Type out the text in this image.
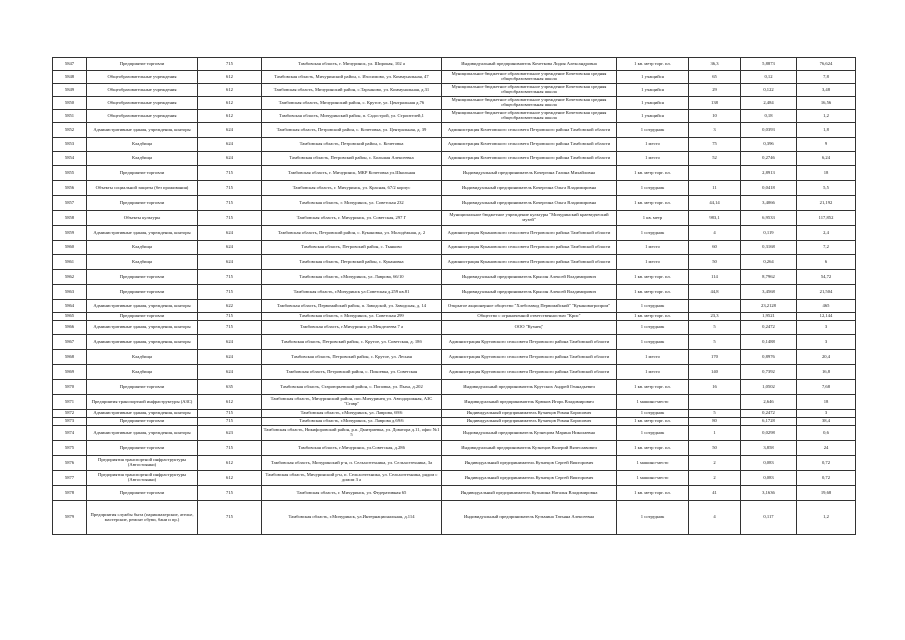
5847	Предприятие торговли	715	Тамбовская область, г. Мичуринск, ул. Широкая, 102 а	Индивидуальный предприниматель Кочеткова Лидия Александровна	1 кв. метр торг. пл.	36,3	5,8873	76,624
5848	Общеобразовательные учреждения	612	Тамбовская область, Мичуринский район, с. Изосимово, ул. Коммунальная, 47	Муниципальное бюджетное образовательное учреждение Кочетовская средняя общеобразовательная школа	1 учащийся	65	0,12	7,8
5849	Общеобразовательные учреждения	612	Тамбовская область, Мичуринский район, с.Тарханово, ул. Коммунальная, д.31	Муниципальное бюджетное образовательное учреждение Кочетовская средняя общеобразовательная школа	1 учащийся	29	0,122	3,48
5850	Общеобразовательные учреждения	612	Тамбовская область, Мичуринский район, с. Крутое, ул. Центральная д.76	Муниципальное бюджетное образовательное учреждение Кочетовская средняя общеобразовательная школа	1 учащийся	138	2,484	16,56
5851	Общеобразовательные учреждения	612	Тамбовская область, Мичуринский район, п. Садострой, ул. Строителей,1	Муниципальное бюджетное образовательное учреждение Кочетовская средняя общеобразовательная школа	1 учащийся	10	0,18	1,2
5852	Административные здания, учреждения, конторы	624	Тамбовская область, Петровский район, с. Кочетовка, ул. Центральная, д. 39	Администрация Кочетовского сельсовета Петровского района Тамбовской области	1 сотрудник	3	0,0393	1,8
5853	Кладбища	624	Тамбовская область, Петровский район, с. Кочетовка	Администрация Кочетовского сельсовета Петровского района Тамбовской области	1 место	75	0,396	9
5854	Кладбища	624	Тамбовская область, Петровский район, с. Большая Алексеевка	Администрация Кочетовского сельсовета Петровского района Тамбовской области	1 место	52	0,2746	6,24
5855	Предприятие торговли	715	Тамбовская область, г. Мичуринск, МКР Кочетовка ул.Школьная	Индивидуальный предприниматель Кочергина Галина Михайловна	1 кв. метр торг. пл.		2,8913	18
5856	Объекты социальной защиты (без проживания)	715	Тамбовская область, г. Мичуринск, ул. Красная, 67/2 корпус	Индивидуальный предприниматель Кочергина Ольга Владимировна	1 сотрудник	11	0,0418	5,5
5857	Предприятие торговли	715	Тамбовская область, г. Мичуринск, ул. Советская 232	Индивидуальный предприниматель Кочергина Ольга Владимировна	1 кв. метр торг. пл.	44,14	3,4066	21,192
5858	Объекты культуры	715	Тамбовская область, г. Мичуринск, ул. Советская, 297 Г	Муниципальное бюджетное учреждение культуры "Мичуринский краеведческий музей"	1 кв. метр	983,1	6,9533	117,852
5859	Административные здания, учреждения, конторы	624	Тамбовская область, Петровский район, с. Кукановка, ул. Молодёжная, д. 2	Администрация Кукановского сельсовета Петровского района Тамбовской области	1 сотрудник	4	0,119	2,4
5860	Кладбища	624	Тамбовская область, Петровский район, с. Тынково	Администрация Кукановского сельсовета Петровского района Тамбовской области	1 место	60	0,3168	7,2
5861	Кладбища	624	Тамбовская область, Петровский район, с. Кукановка	Администрация Кукановского сельсовета Петровского района Тамбовской области	1 место	50	0,264	6
5862	Предприятие торговли	715	Тамбовская область, г.Мичуринск, ул. Лаврова, 66/10	Индивидуальный предприниматель Крысин Алексей Владимирович	1 кв. метр торг. пл.	114	8,7962	54,72
5863	Предприятие торговли	715	Тамбовская область, г.Мичуринск ул.Советская д.259 кв.81	Индивидуальный предприниматель Крысин Алексей Владимирович	1 кв. метр торг. пл.	44,8	3,4568	21,504
5864	Административные здания, учреждения, конторы	622	Тамбовская область, Первомайский район, п. Заводской, ул. Заводская, д. 14	Открытое акционерное общество "Хлебозавод Первомайский" "Кукановагропром"	1 сотрудник		23,2128	465
5865	Предприятие торговли	715	Тамбовская область, г. Мичуринск, ул. Советская 299	Общество с ограниченной ответственностью "Крис"	1 кв. метр торг. пл.	23,3	1,9521	12,144
5866	Административные здания, учреждения, конторы	715	Тамбовская область, г.Мичуринск ул.Менделеева 7 а	ООО "Кузнец"	1 сотрудник	5	0,2472	3
5867	Административные здания, учреждения, конторы	624	Тамбовская область, Петровский район, с. Крутое, ул. Советская, д. 18б	Администрация Крутовского сельсовета Петровского района Тамбовской области	1 сотрудник	5	0,1488	3
5868	Кладбища	624	Тамбовская область, Петровский район, с. Крутое, ул. Лесная	Администрация Крутовского сельсовета Петровского района Тамбовской области	1 место	170	0,8976	20,4
5869	Кладбища	624	Тамбовская область, Петровский район, с. Покоевка, ул. Советская	Администрация Крутовского сельсовета Петровского района Тамбовской области	1 место	140	0,7392	16,8
5870	Предприятие торговли	635	Тамбовская область, Староюрьевский район, с. Поповка, ул. Пыха, д.202	Индивидуальный предприниматель Крутских Андрей Геннадьевич	1 кв. метр торг. пл.	16	1,0502	7,68
5871	Предприятия транспортной инфраструктуры (АЗС)	612	Тамбовская область, Мичуринский район, пос.Мичуринец ул. Автодорожная, АЗС "Ставр"	Индивидуальный предприниматель Крюков Игорь Владимирович	1 машино-место		2,646	18
5872	Административные здания, учреждения, конторы	715	Тамбовская область, г.Мичуринск, ул. Лаврова, 69/6	Индивидуальный предприниматель Кузнецов Роман Борисович	1 сотрудник	5	0,2472	3
5873	Предприятие торговли	715	Тамбовская область, г.Мичуринск, ул. Лаврова д.69/6	Индивидуальный предприниматель Кузнецов Роман Борисович	1 кв. метр торг. пл.	80	6,1728	38,4
5874	Административные здания, учреждения, конторы	623	Тамбовская область, Никифоровский район, р.п. Дмитриевка, ул. Доватора д.11, офис №1 5	Индивидуальный предприниматель Кузнецова Марина Николаевна	1 сотрудник	1	0,0298	0,6
5875	Предприятие торговли	715	Тамбовская область, г.Мичуринск, ул.Советская, д.286	Индивидуальный предприниматель Кузнецов Валерий Вячеславович	1 кв. метр торг. пл.	50	3,858	24
5876	Предприятия транспортной инфраструктуры (Автостоянки)	612	Тамбовская область, Мичуринский р-н, п. Сельхозтехника, ул. Сельхозтехника, 3а	Индивидуальный предприниматель Кузнецов Сергей Викторович	1 машино-место	2	0,083	0,72
5877	Предприятия транспортной инфраструктуры (Автостоянки)	612	Тамбовская область, Мичуринский р-н, п. Сельхозтехника, ул. Сельхозтехника, рядом с домом 3 а	Индивидуальный предприниматель Кузнецов Сергей Викторович	1 машино-место	2	0,083	0,72
5878	Предприятие торговли	715	Тамбовская область, г. Мичуринск, ул. Федеративная 65	Индивидуальный предприниматель Кузьмина Наталья Владимировна	1 кв. метр торг. пл.	41	3,1636	19,68
5879	Предприятия службы быта (парикмахерские, ателье, мастерские, ремонт обуви, бани и пр.)	715	Тамбовская область, г.Мичуринск, ул.Интернациональная, д.114	Индивидуальный предприниматель Кузьмина Татьяна Алексеевна	1 сотрудник	4	0,117	1,2
